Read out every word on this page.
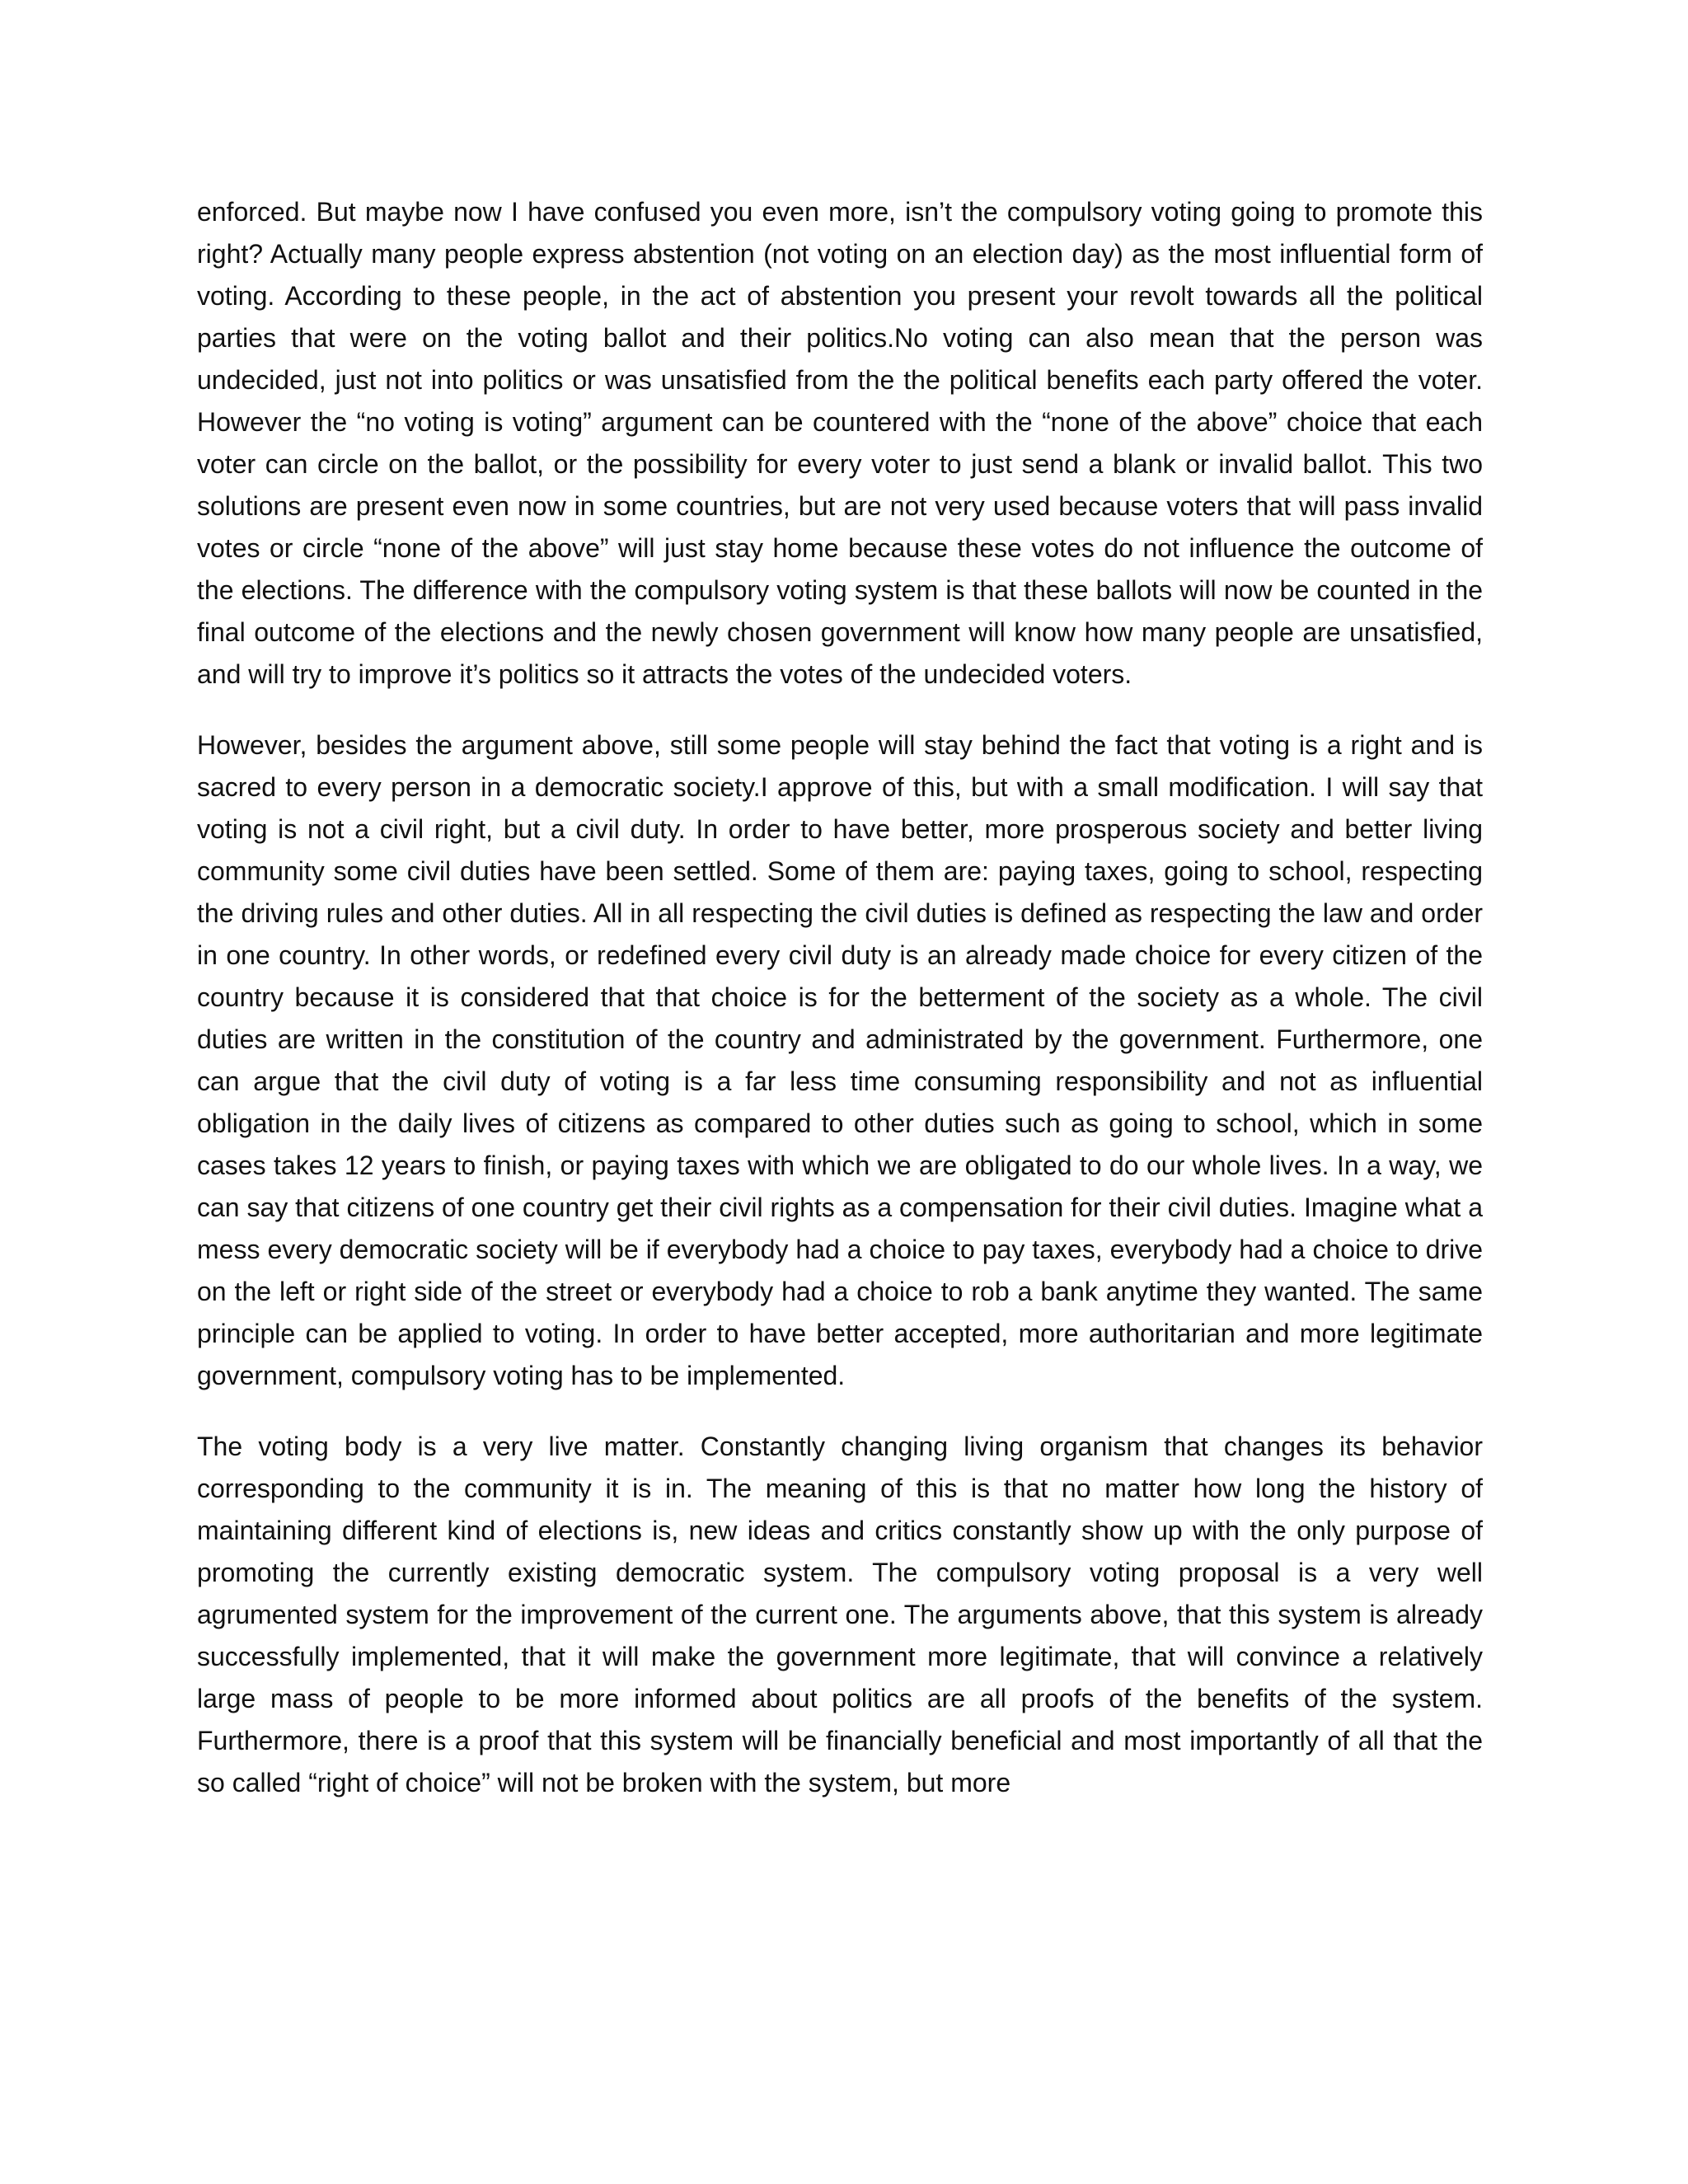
enforced. But maybe now I have confused you even more, isn’t the compulsory voting going to promote this right? Actually many people express abstention (not voting on an election day) as the most influential form of voting. According to these people, in the act of abstention you present your revolt towards all the political parties that were on the voting ballot and their politics.No voting can also mean that the person was undecided, just not into politics or was unsatisfied from the the political benefits each party offered the voter. However the “no voting is voting” argument can be countered with the “none of the above” choice that each voter can circle on the ballot, or the possibility for every voter to just send a blank or invalid ballot. This two solutions are present even now in some countries, but are not very used because voters that will pass invalid votes or circle “none of the above” will just stay home because these votes do not influence the outcome of the elections. The difference with the compulsory voting system is that these ballots will now be counted in the final outcome of the elections and the newly chosen government will know how many people are unsatisfied, and will try to improve it’s politics so it attracts the votes of the undecided voters.

However, besides the argument above, still some people will stay behind the fact that voting is a right and is sacred to every person in a democratic society.I approve of this, but with a small modification. I will say that voting is not a civil right, but a civil duty. In order to have better, more prosperous society and better living community some civil duties have been settled. Some of them are: paying taxes, going to school, respecting the driving rules and other duties. All in all respecting the civil duties is defined as respecting the law and order in one country. In other words, or redefined every civil duty is an already made choice for every citizen of the country because it is considered that that choice is for the betterment of the society as a whole. The civil duties are written in the constitution of the country and administrated by the government. Furthermore, one can argue that the civil duty of voting is a far less time consuming responsibility and not as influential obligation in the daily lives of citizens as compared to other duties such as going to school, which in some cases takes 12 years to finish, or paying taxes with which we are obligated to do our whole lives. In a way, we can say that citizens of one country get their civil rights as a compensation for their civil duties. Imagine what a mess every democratic society will be if everybody had a choice to pay taxes, everybody had a choice to drive on the left or right side of the street or everybody had a choice to rob a bank anytime they wanted. The same principle can be applied to voting. In order to have better accepted, more authoritarian and more legitimate government, compulsory voting has to be implemented.

The voting body is a very live matter. Constantly changing living organism that changes its behavior corresponding to the community it is in. The meaning of this is that no matter how long the history of maintaining different kind of elections is, new ideas and critics constantly show up with the only purpose of promoting the currently existing democratic system. The compulsory voting proposal is a very well agrumented system for the improvement of the current one. The arguments above, that this system is already successfully implemented, that it will make the government more legitimate, that will convince a relatively large mass of people to be more informed about politics are all proofs of the benefits of the system. Furthermore, there is a proof that this system will be financially beneficial and most importantly of all that the so called “right of choice” will not be broken with the system, but more
